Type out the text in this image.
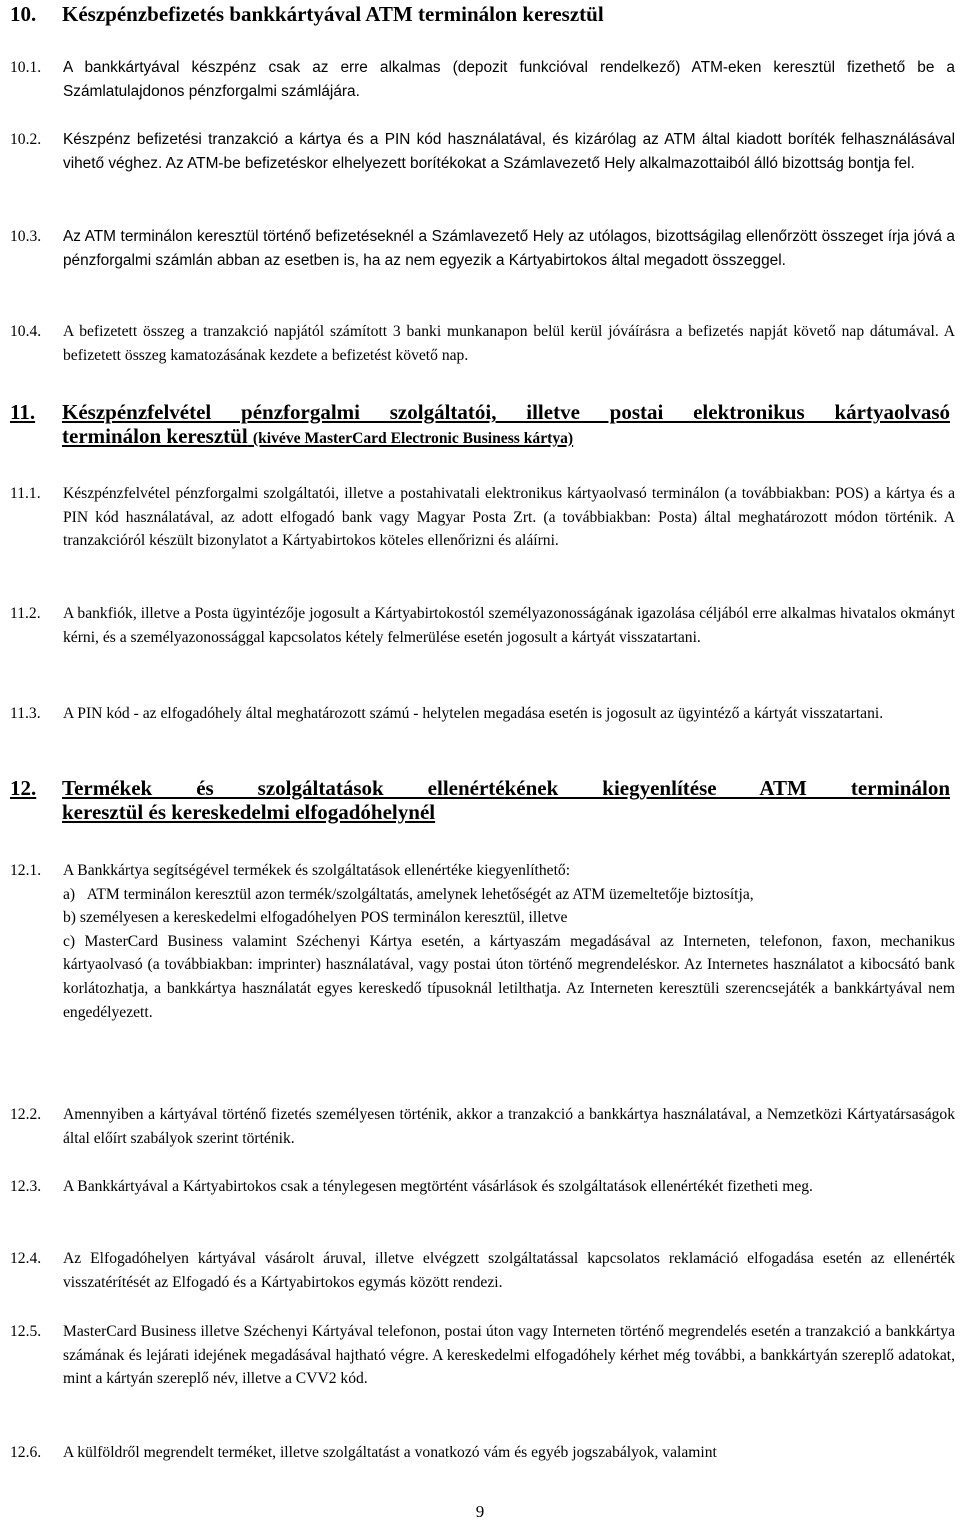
10. Készpénzbefizetés bankkártyával ATM terminálon keresztül
10.1. A bankkártyával készpénz csak az erre alkalmas (depozit funkcióval rendelkező) ATM-eken keresztül fizethető be a Számlatulajdonos pénzforgalmi számlájára.
10.2. Készpénz befizetési tranzakció a kártya és a PIN kód használatával, és kizárólag az ATM által kiadott boríték felhasználásával vihető véghez. Az ATM-be befizetéskor elhelyezett borítékokat a Számlavezető Hely alkalmazottaiból álló bizottság bontja fel.
10.3. Az ATM terminálon keresztül történő befizetéseknél a Számlavezető Hely az utólagos, bizottságilag ellenőrzött összeget írja jóvá a pénzforgalmi számlán abban az esetben is, ha az nem egyezik a Kártyabirtokos által megadott összeggel.
10.4. A befizetett összeg a tranzakció napjától számított 3 banki munkanapon belül kerül jóváírásra a befizetés napját követő nap dátumával. A befizetett összeg kamatozásának kezdete a befizetést követő nap.
11. Készpénzfelvétel pénzforgalmi szolgáltatói, illetve postai elektronikus kártyaolvasó
terminálon keresztül (kivéve MasterCard Electronic Business kártya)
11.1. Készpénzfelvétel pénzforgalmi szolgáltatói, illetve a postahivatali elektronikus kártyaolvasó terminálon (a továbbiakban: POS) a kártya és a PIN kód használatával, az adott elfogadó bank vagy Magyar Posta Zrt. (a továbbiakban: Posta) által meghatározott módon történik. A tranzakcióról készült bizonylatot a Kártyabirtokos köteles ellenőrizni és aláírni.
11.2. A bankfiók, illetve a Posta ügyintézője jogosult a Kártyabirtokostól személyazonosságának igazolása céljából erre alkalmas hivatalos okmányt kérni, és a személyazonossággal kapcsolatos kétely felmerülése esetén jogosult a kártyát visszatartani.
11.3. A PIN kód - az elfogadóhely által meghatározott számú - helytelen megadása esetén is jogosult az ügyintéző a kártyát visszatartani.
12. Termékek és szolgáltatások ellenértékének kiegyenlítése ATM terminálon
keresztül és kereskedelmi elfogadóhelynél
12.1. A Bankkártya segítségével termékek és szolgáltatások ellenértéke kiegyenlíthető:

a)   ATM terminálon keresztül azon termék/szolgáltatás, amelynek lehetőségét az ATM üzemeltetője biztosítja,

b) személyesen a kereskedelmi elfogadóhelyen POS terminálon keresztül, illetve

c) MasterCard Business valamint Széchenyi Kártya esetén, a kártyaszám megadásával az Interneten, telefonon, faxon, mechanikus kártyaolvasó (a továbbiakban: imprinter) használatával, vagy postai úton történő megrendeléskor. Az Internetes használatot a kibocsátó bank korlátozhatja, a bankkártya használatát egyes kereskedő típusoknál letilthatja. Az Interneten keresztüli szerencsejáték a bankkártyával nem engedélyezett.

12.2. Amennyiben a kártyával történő fizetés személyesen történik, akkor a tranzakció a bankkártya használatával, a Nemzetközi Kártyatársaságok által előírt szabályok szerint történik.
12.3. A Bankkártyával a Kártyabirtokos csak a ténylegesen megtörtént vásárlások és szolgáltatások ellenértékét fizetheti meg.
12.4. Az Elfogadóhelyen kártyával vásárolt áruval, illetve elvégzett szolgáltatással kapcsolatos reklamáció elfogadása esetén az ellenérték visszatérítését az Elfogadó és a Kártyabirtokos egymás között rendezi.
12.5. MasterCard Business illetve Széchenyi Kártyával telefonon, postai úton vagy Interneten történő megrendelés esetén a tranzakció a bankkártya számának és lejárati idejének megadásával hajtható végre. A kereskedelmi elfogadóhely kérhet még további, a bankkártyán szereplő adatokat, mint a kártyán szereplő név, illetve a CVV2 kód.
12.6. A külföldről megrendelt terméket, illetve szolgáltatást a vonatkozó vám és egyéb jogszabályok, valamint
9
